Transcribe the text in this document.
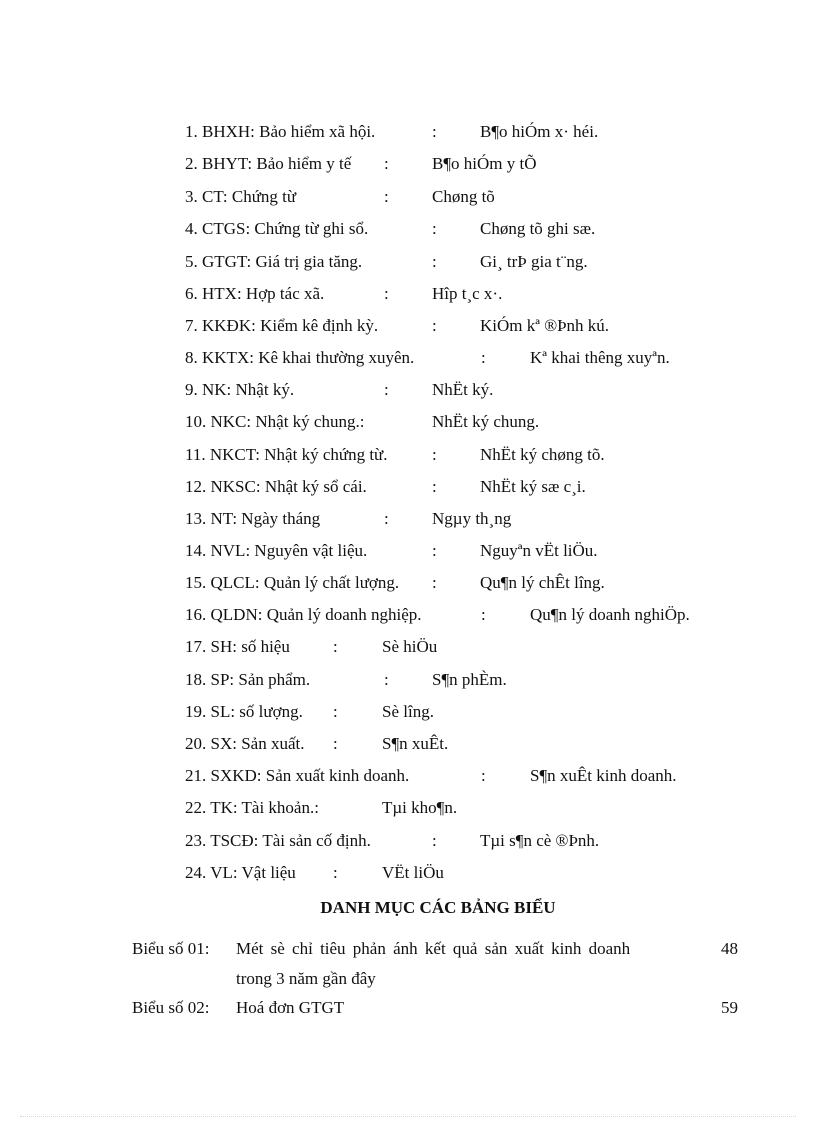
1. BHXH: Bảo hiểm xã hội.	:	B¶o hiÓm x· héi.
2. BHYT: Bảo hiểm y tế :	B¶o hiÓm y tÕ
3. CT: Chứng từ	:	Chøng tõ
4. CTGS: Chứng từ ghi sổ.	:	Chøng tõ ghi sæ.
5. GTGT: Giá trị gia tăng.	:	Gi¸ trÞ gia t¨ng.
6. HTX: Hợp tác xã.	:	Hîp t¸c x·.
7. KKĐK: Kiểm kê định kỳ.	:	KiÓm kª ®Þnh kú.
8. KKTX: Kê khai thường xuyên.	:	Kª khai thêng xuyªn.
9. NK: Nhật ký.	:	NhËt ký.
10. NKC: Nhật ký chung.:	NhËt ký chung.
11. NKCT: Nhật ký chứng từ.	:	NhËt ký chøng tõ.
12. NKSC: Nhật ký sổ cái.	:	NhËt ký sæ c¸i.
13. NT: Ngày tháng	:	Ngµy th¸ng
14. NVL: Nguyên vật liệu.	:	Nguyªn vËt liÖu.
15. QLCL: Quản lý chất lượng. :	Qu¶n lý chÊt lîng.
16. QLDN: Quản lý doanh nghiệp.	:	Qu¶n lý doanh nghiÖp.
17. SH: số hiệu	:	Sè hiÖu
18. SP: Sản phẩm.	:	S¶n phÈm.
19. SL: số lượng. :	Sè lîng.
20. SX: Sản xuất. :	S¶n xuÊt.
21. SXKD: Sản xuất kinh doanh.	:	S¶n xuÊt kinh doanh.
22. TK: Tài khoản.:	Tµi kho¶n.
23. TSCĐ: Tài sản cố định.	:	Tµi s¶n cè ®Þnh.
24. VL: Vật liệu :	VËt liÖu
DANH MỤC CÁC BẢNG BIỂU
Biểu số 01: Mét sè chỉ tiêu phản ánh kết quả sản xuất kinh doanh
trong 3 năm gần đây
48
Biểu số 02: Hoá đơn GTGT	59
